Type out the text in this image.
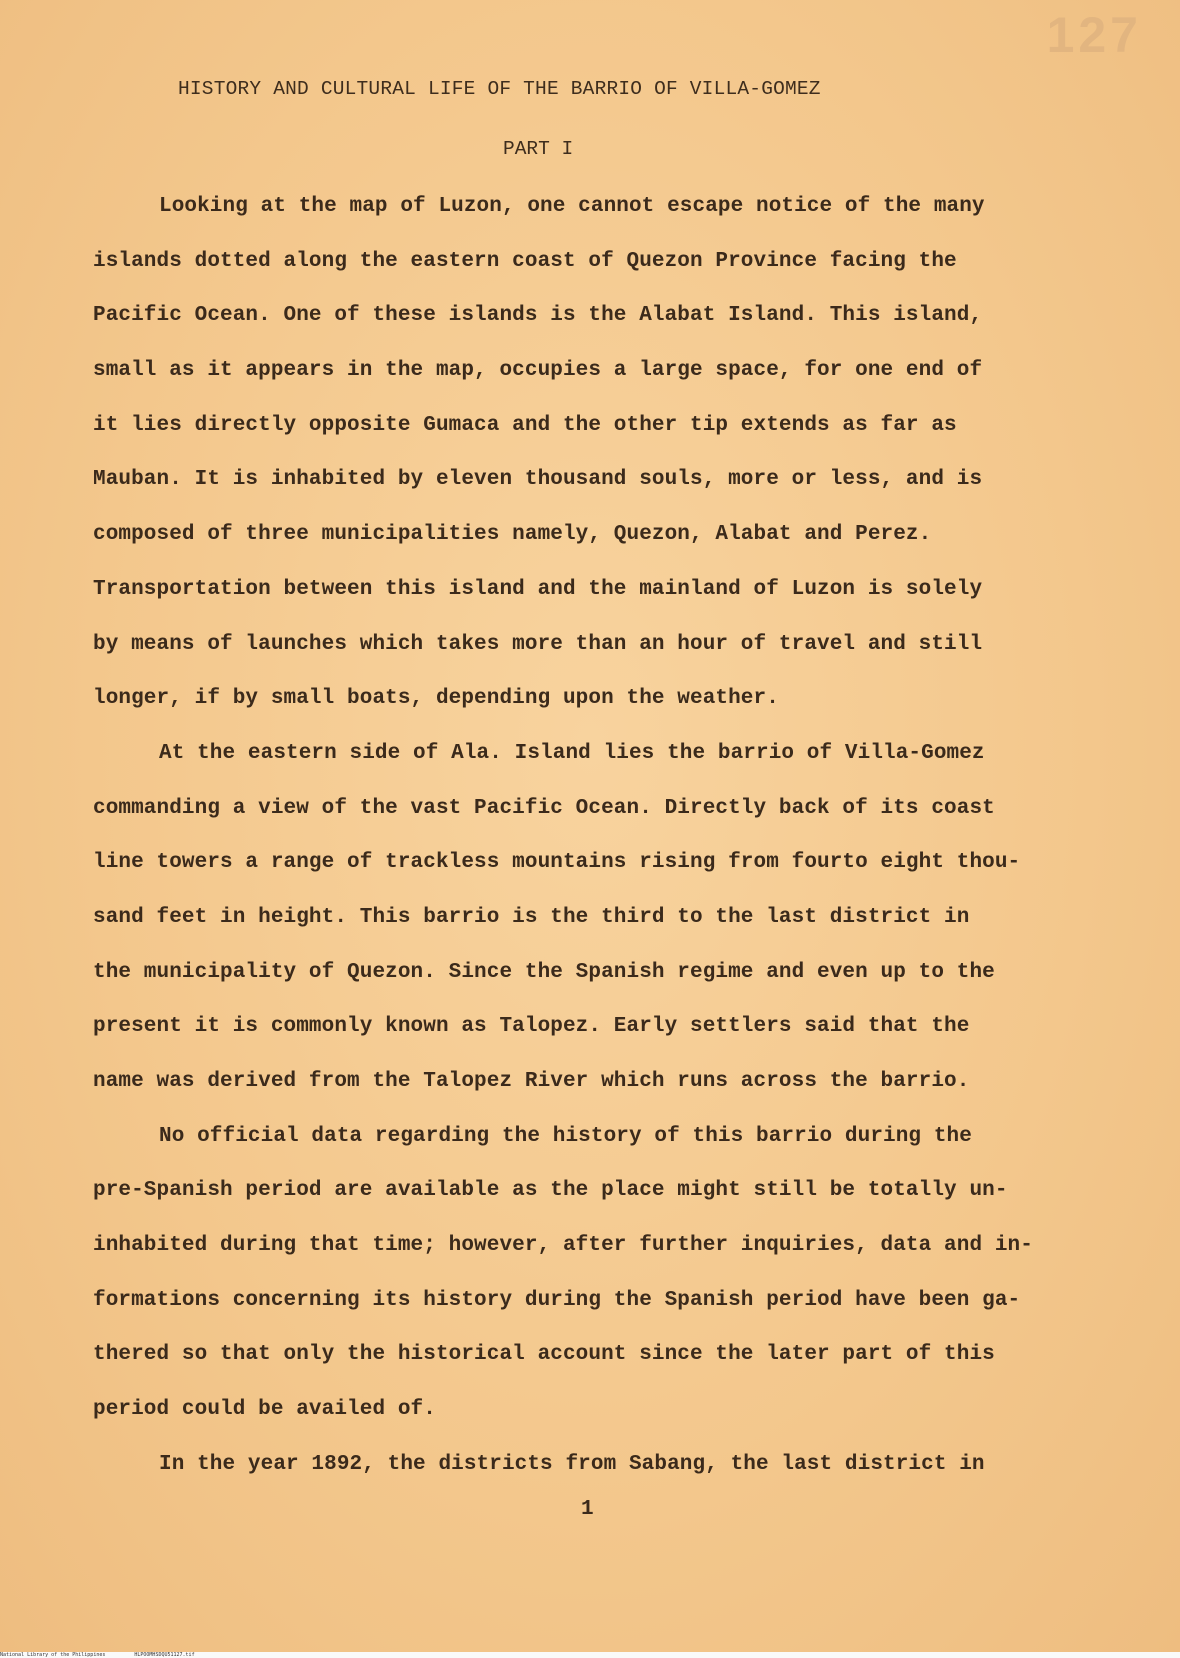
127
HISTORY AND CULTURAL LIFE OF THE BARRIO OF VILLA-GOMEZ
PART I
Looking at the map of Luzon, one cannot escape notice of the many
islands dotted along the eastern coast of Quezon Province facing the
Pacific Ocean. One of these islands is the Alabat Island. This island,
small as it appears in the map, occupies a large space, for one end of
it lies directly opposite Gumaca and the other tip extends as far as
Mauban. It is inhabited by eleven thousand souls, more or less, and is
composed of three municipalities namely, Quezon, Alabat and Perez.
Transportation between this island and the mainland of Luzon is solely
by means of launches which takes more than an hour of travel and still
longer, if by small boats, depending upon the weather.
At the eastern side of Ala. Island lies the barrio of Villa-Gomez
commanding a view of the vast Pacific Ocean. Directly back of its coast
line towers a range of trackless mountains rising from fourto eight thou-
sand feet in height. This barrio is the third to the last district in
the municipality of Quezon. Since the Spanish regime and even up to the
present it is commonly known as Talopez. Early settlers said that the
name was derived from the Talopez River which runs across the barrio.
No official data regarding the history of this barrio during the
pre-Spanish period are available as the place might still be totally un-
inhabited during that time; however, after further inquiries, data and in-
formations concerning its history during the Spanish period have been ga-
thered so that only the historical account since the later part of this
period could be availed of.
In the year 1892, the districts from Sabang, the last district in
1
National Library of the Philippines	HLPOOMHSDQU51127.tif
